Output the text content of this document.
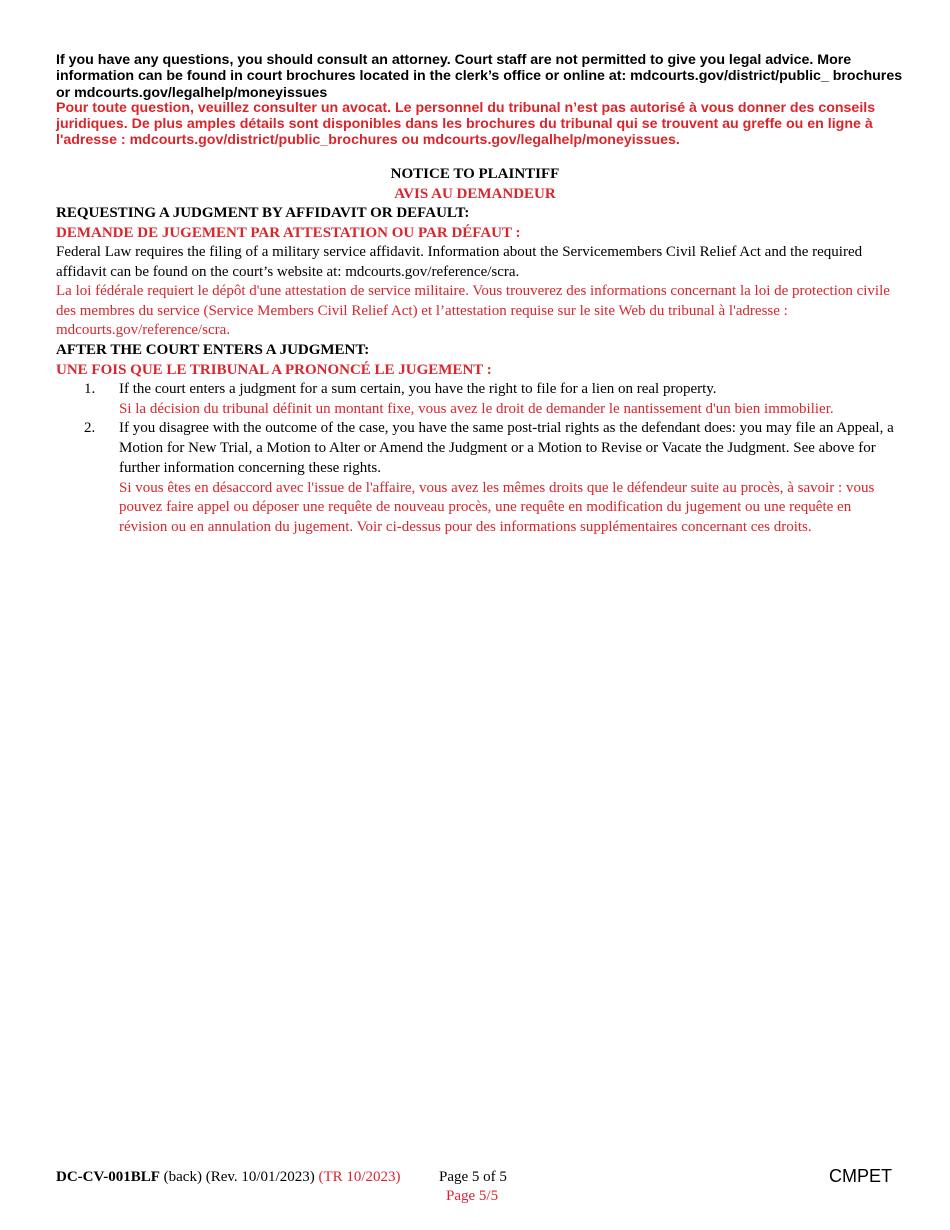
If you have any questions, you should consult an attorney. Court staff are not permitted to give you legal advice. More information can be found in court brochures located in the clerk’s office or online at: mdcourts.gov/district/public_ brochures or mdcourts.gov/legalhelp/moneyissues
Pour toute question, veuillez consulter un avocat. Le personnel du tribunal n’est pas autorisé à vous donner des conseils juridiques. De plus amples détails sont disponibles dans les brochures du tribunal qui se trouvent au greffe ou en ligne à l'adresse : mdcourts.gov/district/public_brochures ou mdcourts.gov/legalhelp/moneyissues.
NOTICE TO PLAINTIFF
AVIS AU DEMANDEUR
REQUESTING A JUDGMENT BY AFFIDAVIT OR DEFAULT:
DEMANDE DE JUGEMENT PAR ATTESTATION OU PAR DÉFAUT :
Federal Law requires the filing of a military service affidavit. Information about the Servicemembers Civil Relief Act and the required affidavit can be found on the court’s website at: mdcourts.gov/reference/scra.
La loi fédérale requiert le dépôt d'une attestation de service militaire. Vous trouverez des informations concernant la loi de protection civile des membres du service (Service Members Civil Relief Act) et l’attestation requise sur le site Web du tribunal à l'adresse : mdcourts.gov/reference/scra.
AFTER THE COURT ENTERS A JUDGMENT:
UNE FOIS QUE LE TRIBUNAL A PRONONCÉ LE JUGEMENT :
1. If the court enters a judgment for a sum certain, you have the right to file for a lien on real property.
Si la décision du tribunal définit un montant fixe, vous avez le droit de demander le nantissement d'un bien immobilier.
2. If you disagree with the outcome of the case, you have the same post-trial rights as the defendant does: you may file an Appeal, a Motion for New Trial, a Motion to Alter or Amend the Judgment or a Motion to Revise or Vacate the Judgment. See above for further information concerning these rights.
Si vous êtes en désaccord avec l'issue de l'affaire, vous avez les mêmes droits que le défendeur suite au procès, à savoir : vous pouvez faire appel ou déposer une requête de nouveau procès, une requête en modification du jugement ou une requête en révision ou en annulation du jugement. Voir ci-dessus pour des informations supplémentaires concernant ces droits.
DC-CV-001BLF (back) (Rev. 10/01/2023) (TR 10/2023)	Page 5 of 5
Page 5/5
CMPET
